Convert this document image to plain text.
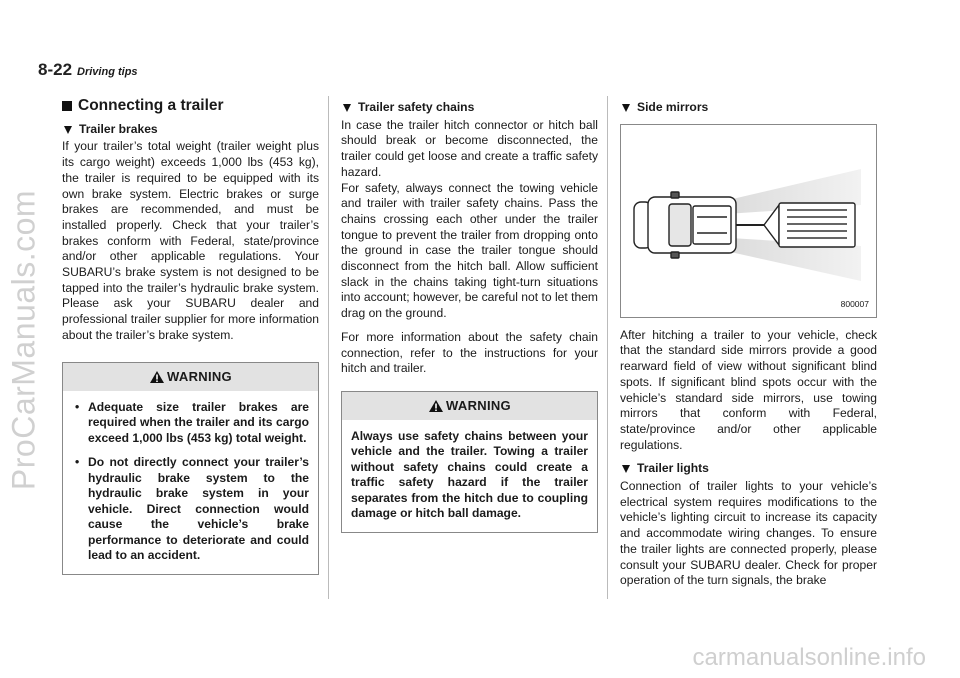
8-22 Driving tips
Connecting a trailer
Trailer brakes

If your trailer’s total weight (trailer weight plus its cargo weight) exceeds 1,000 lbs (453 kg), the trailer is required to be equipped with its own brake system. Electric brakes or surge brakes are recommended, and must be installed properly. Check that your trailer’s brakes conform with Federal, state/province and/or other applicable regulations. Your SUBARU’s brake system is not designed to be tapped into the trailer’s hydraulic brake system. Please ask your SUBARU dealer and professional trailer supplier for more information about the trailer’s brake system.

WARNING
• Adequate size trailer brakes are required when the trailer and its cargo exceed 1,000 lbs (453 kg) total weight.
• Do not directly connect your trailer’s hydraulic brake system to the hydraulic brake system in your vehicle. Direct connection would cause the vehicle’s brake performance to deteriorate and could lead to an accident.
Trailer safety chains

In case the trailer hitch connector or hitch ball should break or become disconnected, the trailer could get loose and create a traffic safety hazard.

For safety, always connect the towing vehicle and trailer with trailer safety chains. Pass the chains crossing each other under the trailer tongue to prevent the trailer from dropping onto the ground in case the trailer tongue should disconnect from the hitch ball. Allow sufficient slack in the chains taking tight-turn situations into account; however, be careful not to let them drag on the ground.

For more information about the safety chain connection, refer to the instructions for your hitch and trailer.

WARNING

Always use safety chains between your vehicle and the trailer. Towing a trailer without safety chains could create a traffic safety hazard if the trailer separates from the hitch due to coupling damage or hitch ball damage.

Side mirrors
800007

After hitching a trailer to your vehicle, check that the standard side mirrors provide a good rearward field of view without significant blind spots. If significant blind spots occur with the vehicle’s standard side mirrors, use towing mirrors that conform with Federal, state/province and/or other applicable regulations.

Trailer lights

Connection of trailer lights to your vehicle’s electrical system requires modifications to the vehicle’s lighting circuit to increase its capacity and accommodate wiring changes. To ensure the trailer lights are connected properly, please consult your SUBARU dealer. Check for proper operation of the turn signals, the brake

ProCarManuals.com
carmanualsonline.info
